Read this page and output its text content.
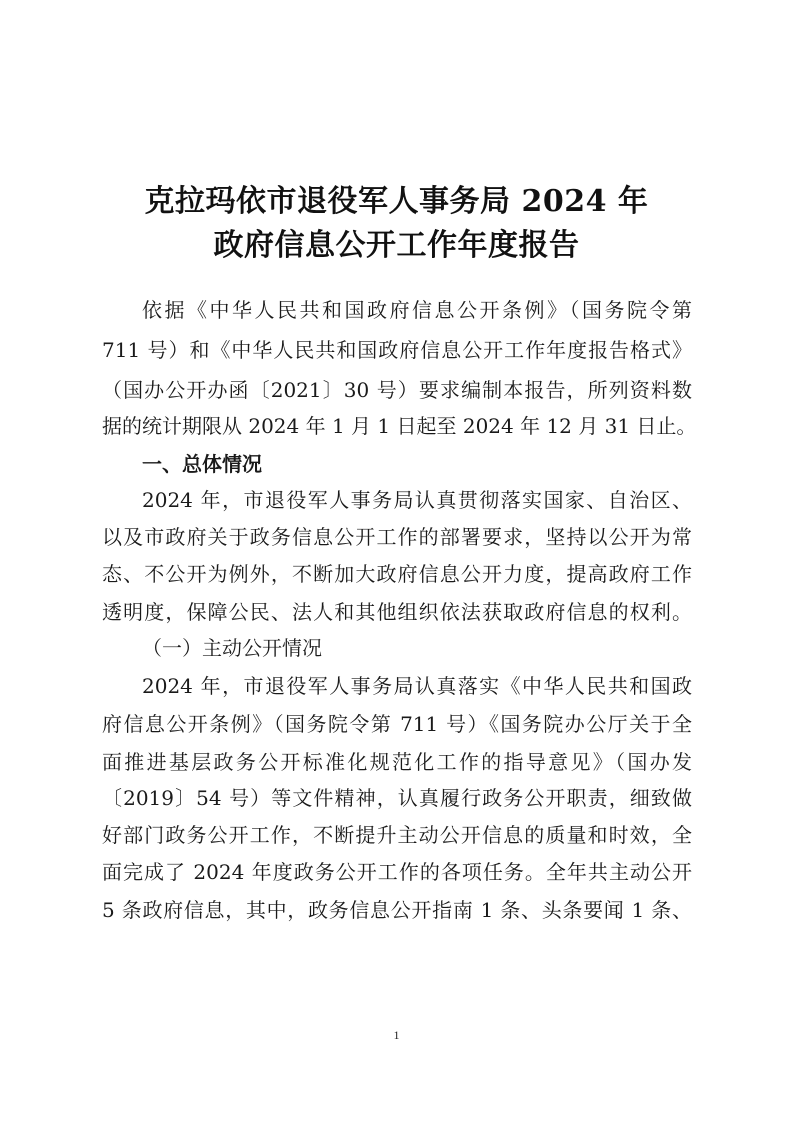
克拉玛依市退役军人事务局 2024 年
政府信息公开工作年度报告
依据《中华人民共和国政府信息公开条例》（国务院令第
711 号）和《中华人民共和国政府信息公开工作年度报告格式》
（国办公开办函〔2021〕30 号）要求编制本报告，所列资料数
据的统计期限从 2024 年 1 月 1 日起至 2024 年 12 月 31 日止。
一、总体情况
2024 年，市退役军人事务局认真贯彻落实国家、自治区、
以及市政府关于政务信息公开工作的部署要求，坚持以公开为常
态、不公开为例外，不断加大政府信息公开力度，提高政府工作
透明度，保障公民、法人和其他组织依法获取政府信息的权利。
（一）主动公开情况
2024 年，市退役军人事务局认真落实《中华人民共和国政
府信息公开条例》（国务院令第 711 号）《国务院办公厅关于全
面推进基层政务公开标准化规范化工作的指导意见》（国办发
〔2019〕54 号）等文件精神，认真履行政务公开职责，细致做
好部门政务公开工作，不断提升主动公开信息的质量和时效，全
面完成了 2024 年度政务公开工作的各项任务。全年共主动公开
5 条政府信息，其中，政务信息公开指南 1 条、头条要闻 1 条、
1
